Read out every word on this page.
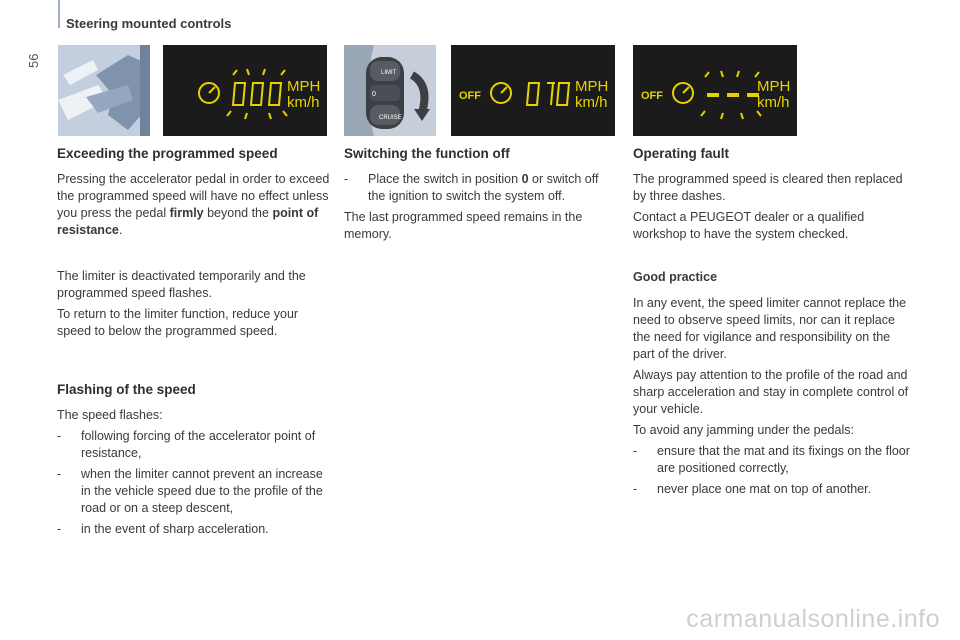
Steering mounted controls
56
MPH
km/h
LIMIT
0
CRUISE
OFF
MPH
km/h	OFF
MPH
km/h
Exceeding the programmed speed

Pressing the accelerator pedal in order to exceed the programmed speed will have no effect unless you press the pedal firmly beyond the point of resistance.

The limiter is deactivated temporarily and the programmed speed flashes.

To return to the limiter function, reduce your speed to below the programmed speed.

Flashing of the speed

The speed flashes:

- following forcing of the accelerator point of resistance,
- when the limiter cannot prevent an increase in the vehicle speed due to the profile of the road or on a steep descent,
- in the event of sharp acceleration.
Switching the function off
- Place the switch in position 0 or switch off the ignition to switch the system off.

The last programmed speed remains in the memory.

Operating fault

The programmed speed is cleared then replaced by three dashes.

Contact a PEUGEOT dealer or a qualified workshop to have the system checked.

Good practice

In any event, the speed limiter cannot replace the need to observe speed limits, nor can it replace the need for vigilance and responsibility on the part of the driver.

Always pay attention to the profile of the road and sharp acceleration and stay in complete control of your vehicle.

To avoid any jamming under the pedals:

- ensure that the mat and its fixings on the floor are positioned correctly,
- never place one mat on top of another.
carmanualsonline.info
